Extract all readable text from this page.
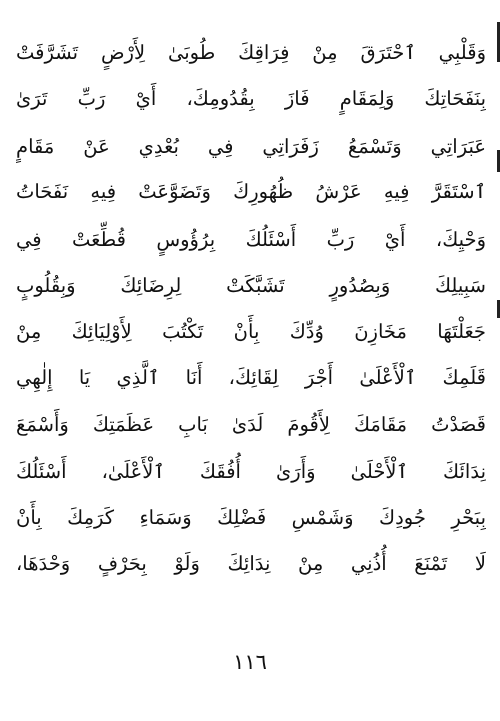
وَقَلْبِي ٱحْتَرَقَ مِنْ فِرَاقِكَ طُوبَىٰ لِأَرْضٍ تَشَرَّفَتْ
بِنَفَحَاتِكَ وَلِمَقَامٍ فَازَ بِقُدُومِكَ، أَيْ رَبِّ تَرَىٰ
عَبَرَاتِي وَتَسْمَعُ زَفَرَاتِي فِي بُعْدِي عَنْ مَقَامٍ
ٱسْتَقَرَّ فِيهِ عَرْشُ ظُهُورِكَ وَتَضَوَّعَتْ فِيهِ نَفَحَاتُ
وَحْيِكَ، أَيْ رَبِّ أَسْئَلُكَ بِرُؤُوسٍ قُطِّعَتْ فِي
سَبِيلِكَ وَبِصُدُورٍ تَشَبَّكَتْ لِرِضَائِكَ وَبِقُلُوبٍ
جَعَلْتَهَا مَخَازِنَ وُدِّكَ بِأَنْ تَكْتُبَ لِأَوْلِيَائِكَ مِنْ
قَلَمِكَ ٱلْأَعْلَىٰ أَجْرَ لِقَائِكَ، أَنَا ٱلَّذِي يَا إِلٰهِي
قَصَدْتُ مَقَامَكَ لِأَقُومَ لَدَىٰ بَابِ عَظَمَتِكَ وَأَسْمَعَ
نِدَائَكَ ٱلْأَحْلَىٰ وَأَرَىٰ أُفُقَكَ ٱلْأَعْلَىٰ، أَسْئَلُكَ
بِبَحْرِ جُودِكَ وَشَمْسِ فَضْلِكَ وَسَمَاءِ كَرَمِكَ بِأَنْ
لَا تَمْنَعَ أُذُنِي مِنْ نِدَائِكَ وَلَوْ بِحَرْفٍ وَحْدَهَا،
١١٦
